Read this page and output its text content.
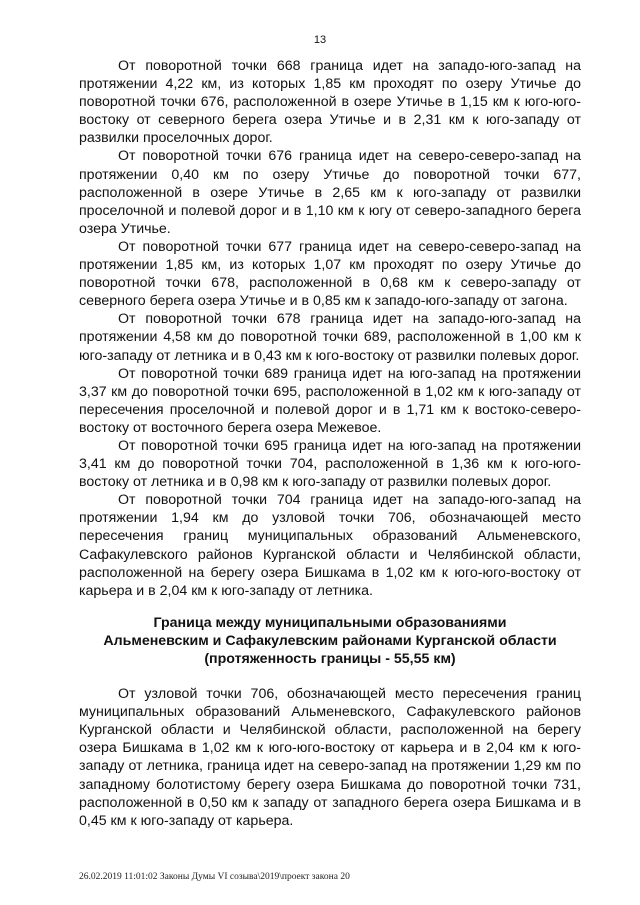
13

От поворотной точки 668 граница идет на западо-юго-запад на протяжении 4,22 км, из которых 1,85 км проходят по озеру Утичье до поворотной точки 676, расположенной в озере Утичье в 1,15 км к юго-юго-востоку от северного берега озера Утичье и в 2,31 км к юго-западу от развилки проселочных дорог.

От поворотной точки 676 граница идет на северо-северо-запад на протяжении 0,40 км по озеру Утичье до поворотной точки 677, расположенной в озере Утичье в 2,65 км к юго-западу от развилки проселочной и полевой дорог и в 1,10 км к югу от северо-западного берега озера Утичье.

От поворотной точки 677 граница идет на северо-северо-запад на протяжении 1,85 км, из которых 1,07 км проходят по озеру Утичье до поворотной точки 678, расположенной в 0,68 км к северо-западу от северного берега озера Утичье и в 0,85 км к западо-юго-западу от загона.

От поворотной точки 678 граница идет на западо-юго-запад на протяжении 4,58 км до поворотной точки 689, расположенной в 1,00 км к юго-западу от летника и в 0,43 км к юго-востоку от развилки полевых дорог.

От поворотной точки 689 граница идет на юго-запад на протяжении 3,37 км до поворотной точки 695, расположенной в 1,02 км к юго-западу от пересечения проселочной и полевой дорог и в 1,71 км к востоко-северо-востоку от восточного берега озера Межевое.

От поворотной точки 695 граница идет на юго-запад на протяжении 3,41 км до поворотной точки 704, расположенной в 1,36 км к юго-юго-востоку от летника и в 0,98 км к юго-западу от развилки полевых дорог.

От поворотной точки 704 граница идет на западо-юго-запад на протяжении 1,94 км до узловой точки 706, обозначающей место пересечения границ муниципальных образований Альменевского, Сафакулевского районов Курганской области и Челябинской области, расположенной на берегу озера Бишкама в 1,02 км к юго-юго-востоку от карьера и в 2,04 км к юго-западу от летника.

Граница между муниципальными образованиями
Альменевским и Сафакулевским районами Курганской области
(протяженность границы - 55,55 км)

От узловой точки 706, обозначающей место пересечения границ муниципальных образований Альменевского, Сафакулевского районов Курганской области и Челябинской области, расположенной на берегу озера Бишкама в 1,02 км к юго-юго-востоку от карьера и в 2,04 км к юго-западу от летника, граница идет на северо-запад на протяжении 1,29 км по западному болотистому берегу озера Бишкама до поворотной точки 731, расположенной в 0,50 км к западу от западного берега озера Бишкама и в 0,45 км к юго-западу от карьера.

26.02.2019 11:01:02 Законы Думы VI созыва\2019\проект закона 20
